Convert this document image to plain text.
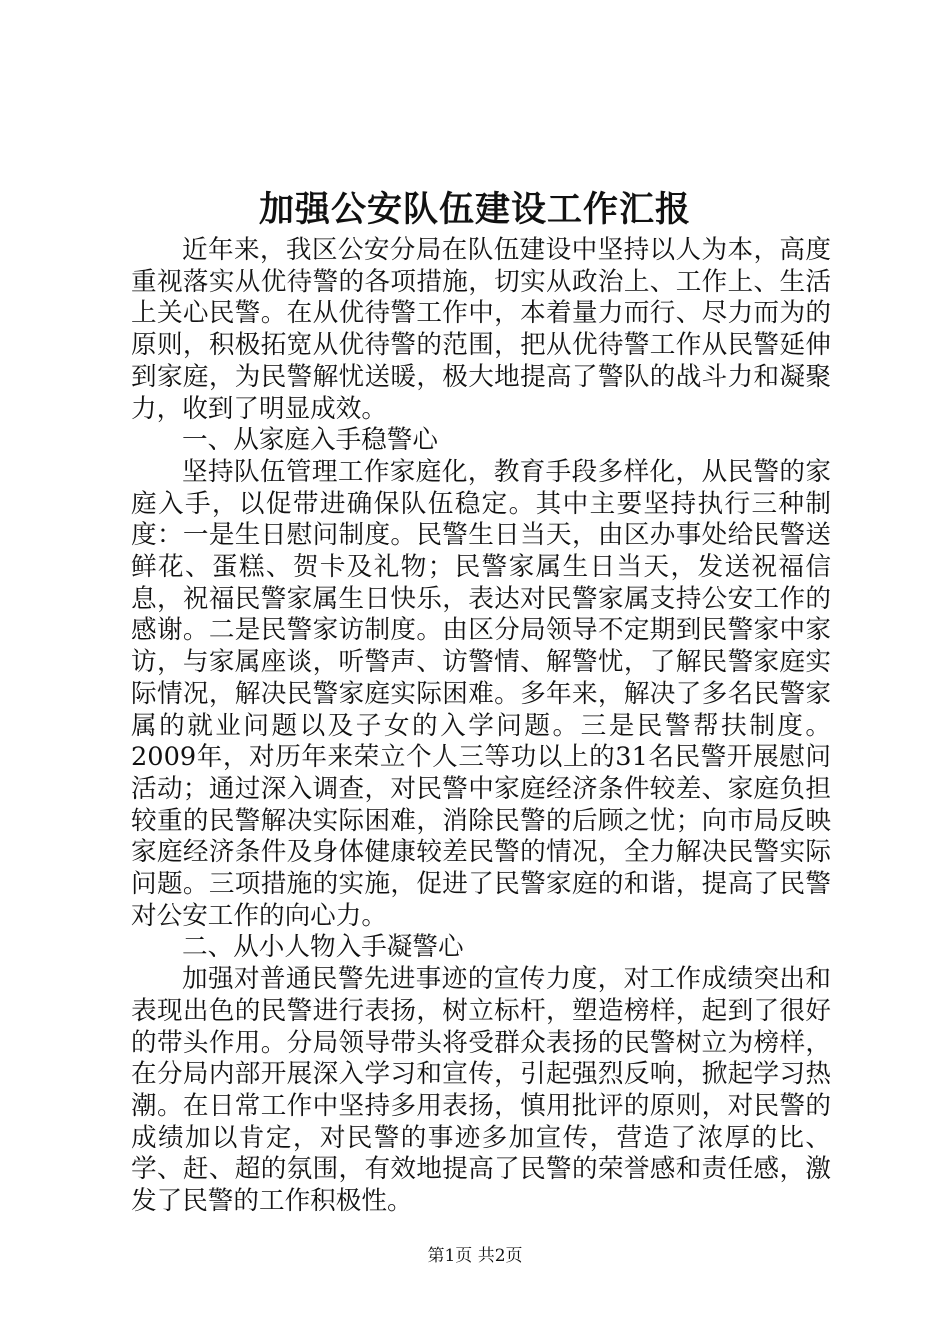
加强公安队伍建设工作汇报

近年来，我区公安分局在队伍建设中坚持以人为本，高度重视落实从优待警的各项措施，切实从政治上、工作上、生活上关心民警。在从优待警工作中，本着量力而行、尽力而为的原则，积极拓宽从优待警的范围，把从优待警工作从民警延伸到家庭，为民警解忧送暖，极大地提高了警队的战斗力和凝聚力，收到了明显成效。

一、从家庭入手稳警心

坚持队伍管理工作家庭化，教育手段多样化，从民警的家庭入手，以促带进确保队伍稳定。其中主要坚持执行三种制度：一是生日慰问制度。民警生日当天，由区办事处给民警送鲜花、蛋糕、贺卡及礼物；民警家属生日当天，发送祝福信息，祝福民警家属生日快乐，表达对民警家属支持公安工作的感谢。二是民警家访制度。由区分局领导不定期到民警家中家访，与家属座谈，听警声、访警情、解警忧，了解民警家庭实际情况，解决民警家庭实际困难。多年来，解决了多名民警家属的就业问题以及子女的入学问题。三是民警帮扶制度。2009年，对历年来荣立个人三等功以上的31名民警开展慰问活动；通过深入调查，对民警中家庭经济条件较差、家庭负担较重的民警解决实际困难，消除民警的后顾之忧；向市局反映家庭经济条件及身体健康较差民警的情况，全力解决民警实际问题。三项措施的实施，促进了民警家庭的和谐，提高了民警对公安工作的向心力。

二、从小人物入手凝警心

加强对普通民警先进事迹的宣传力度，对工作成绩突出和表现出色的民警进行表扬，树立标杆，塑造榜样，起到了很好的带头作用。分局领导带头将受群众表扬的民警树立为榜样，在分局内部开展深入学习和宣传，引起强烈反响，掀起学习热潮。在日常工作中坚持多用表扬，慎用批评的原则，对民警的成绩加以肯定，对民警的事迹多加宣传，营造了浓厚的比、学、赶、超的氛围，有效地提高了民警的荣誉感和责任感，激发了民警的工作积极性。

第1页 共2页
